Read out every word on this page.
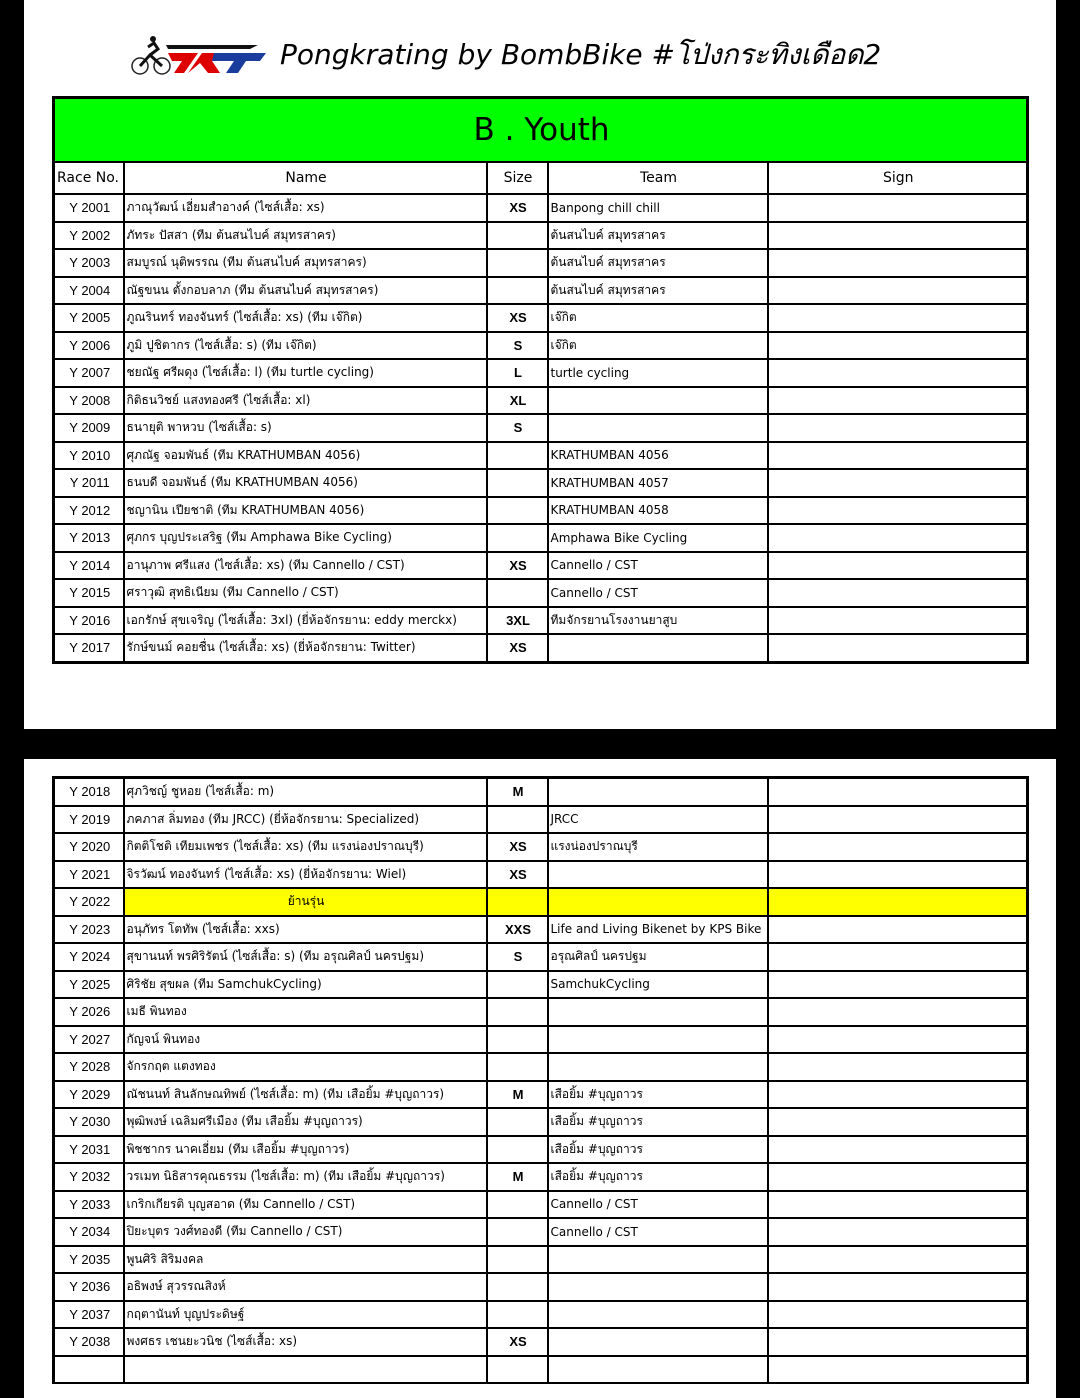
Pongkrating by BombBike #โป่งกระทิงเดือด2
B . Youth				
Race No.	Name	Size	Team	Sign
Y 2001	ภาณุวัฒน์ เอี่ยมสำอางค์ (ไซส์เสื้อ: xs)	XS	Banpong chill chill	
Y 2002	ภัทระ ปัสสา (ทีม ต้นสนไบค์ สมุทรสาคร)		ต้นสนไบค์ สมุทรสาคร	
Y 2003	สมบูรณ์ นุติพรรณ (ทีม ต้นสนไบค์ สมุทรสาคร)		ต้นสนไบค์ สมุทรสาคร	
Y 2004	ณัฐขนน ตั้งกอบลาภ (ทีม ต้นสนไบค์ สมุทรสาคร)		ต้นสนไบค์ สมุทรสาคร	
Y 2005	ภูณรินทร์ ทองจันทร์ (ไซส์เสื้อ: xs) (ทีม เจ๊กิต)	XS	เจ๊กิต	
Y 2006	ภูมิ ปูชิตากร (ไซส์เสื้อ: s) (ทีม เจ๊กิต)	S	เจ๊กิต	
Y 2007	ชยณัฐ ศรีผดุง (ไซส์เสื้อ: l) (ทีม turtle cycling)	L	turtle cycling	
Y 2008	กิติธนวิชย์ แสงทองศรี (ไซส์เสื้อ: xl)	XL		
Y 2009	ธนายุติ พาหวบ (ไซส์เสื้อ: s)	S		
Y 2010	ศุภณัฐ จอมพันธ์ (ทีม KRATHUMBAN 4056)		KRATHUMBAN 4056	
Y 2011	ธนบดี จอมพันธ์ (ทีม KRATHUMBAN 4056)		KRATHUMBAN 4057	
Y 2012	ชญานิน เปียชาติ (ทีม KRATHUMBAN 4056)		KRATHUMBAN 4058	
Y 2013	ศุภกร บุญประเสริฐ (ทีม Amphawa Bike Cycling)		Amphawa Bike Cycling	
Y 2014	อานุภาพ ศรีแสง (ไซส์เสื้อ: xs) (ทีม Cannello / CST)	XS	Cannello / CST	
Y 2015	ศราวุฒิ สุทธิเนียม (ทีม Cannello / CST)		Cannello / CST	
Y 2016	เอกรักษ์ สุขเจริญ (ไซส์เสื้อ: 3xl) (ยี่ห้อจักรยาน: eddy merckx)	3XL	ทีมจักรยานโรงงานยาสูบ	
Y 2017	รักษ์ขนม์ คอยชื่น (ไซส์เสื้อ: xs) (ยี่ห้อจักรยาน: Twitter)	XS		
Y 2018	ศุภวิชญ์ ชูหอย (ไซส์เสื้อ: m)	M		
Y 2019	ภคภาส ลิ่มทอง (ทีม JRCC) (ยี่ห้อจักรยาน: Specialized)		JRCC	
Y 2020	กิตติโชติ เทียมเพชร (ไซส์เสื้อ: xs) (ทีม แรงน่องปราณบุรี)	XS	แรงน่องปราณบุรี	
Y 2021	จิรวัฒน์ ทองจันทร์ (ไซส์เสื้อ: xs) (ยี่ห้อจักรยาน: Wiel)	XS		
Y 2022	ย้านรุ่น			
Y 2023	อนุภัทร โตทัพ (ไซส์เสื้อ: xxs)	XXS	Life and Living Bikenet by KPS Bike	
Y 2024	สุขานนท์ พรศิริรัตน์ (ไซส์เสื้อ: s) (ทีม อรุณศิลป์ นครปฐม)	S	อรุณศิลป์ นครปฐม	
Y 2025	ศิริชัย สุขผล (ทีม SamchukCycling)		SamchukCycling	
Y 2026	เมธี พินทอง			
Y 2027	กัญจน์ พินทอง			
Y 2028	จักรกฤต แตงทอง			
Y 2029	ณัชนนท์ สินลักษณทิพย์ (ไซส์เสื้อ: m) (ทีม เสือยิ้ม #บุญถาวร)	M	เสือยิ้ม #บุญถาวร	
Y 2030	พุฒิพงษ์ เฉลิมศรีเมือง (ทีม เสือยิ้ม #บุญถาวร)		เสือยิ้ม #บุญถาวร	
Y 2031	พิชชากร นาคเอี่ยม (ทีม เสือยิ้ม #บุญถาวร)		เสือยิ้ม #บุญถาวร	
Y 2032	วรเมท นิธิสารคุณธรรม (ไซส์เสื้อ: m) (ทีม เสือยิ้ม #บุญถาวร)	M	เสือยิ้ม #บุญถาวร	
Y 2033	เกริกเกียรติ บุญสอาด (ทีม Cannello / CST)		Cannello / CST	
Y 2034	ปิยะบุตร วงศ์ทองดี (ทีม Cannello / CST)		Cannello / CST	
Y 2035	พูนศิริ สิริมงคล			
Y 2036	อธิพงษ์ สุวรรณสิงห์			
Y 2037	กฤตานันท์ บุญประดิษฐ์			
Y 2038	พงศธร เชนยะวนิช (ไซส์เสื้อ: xs)	XS		
